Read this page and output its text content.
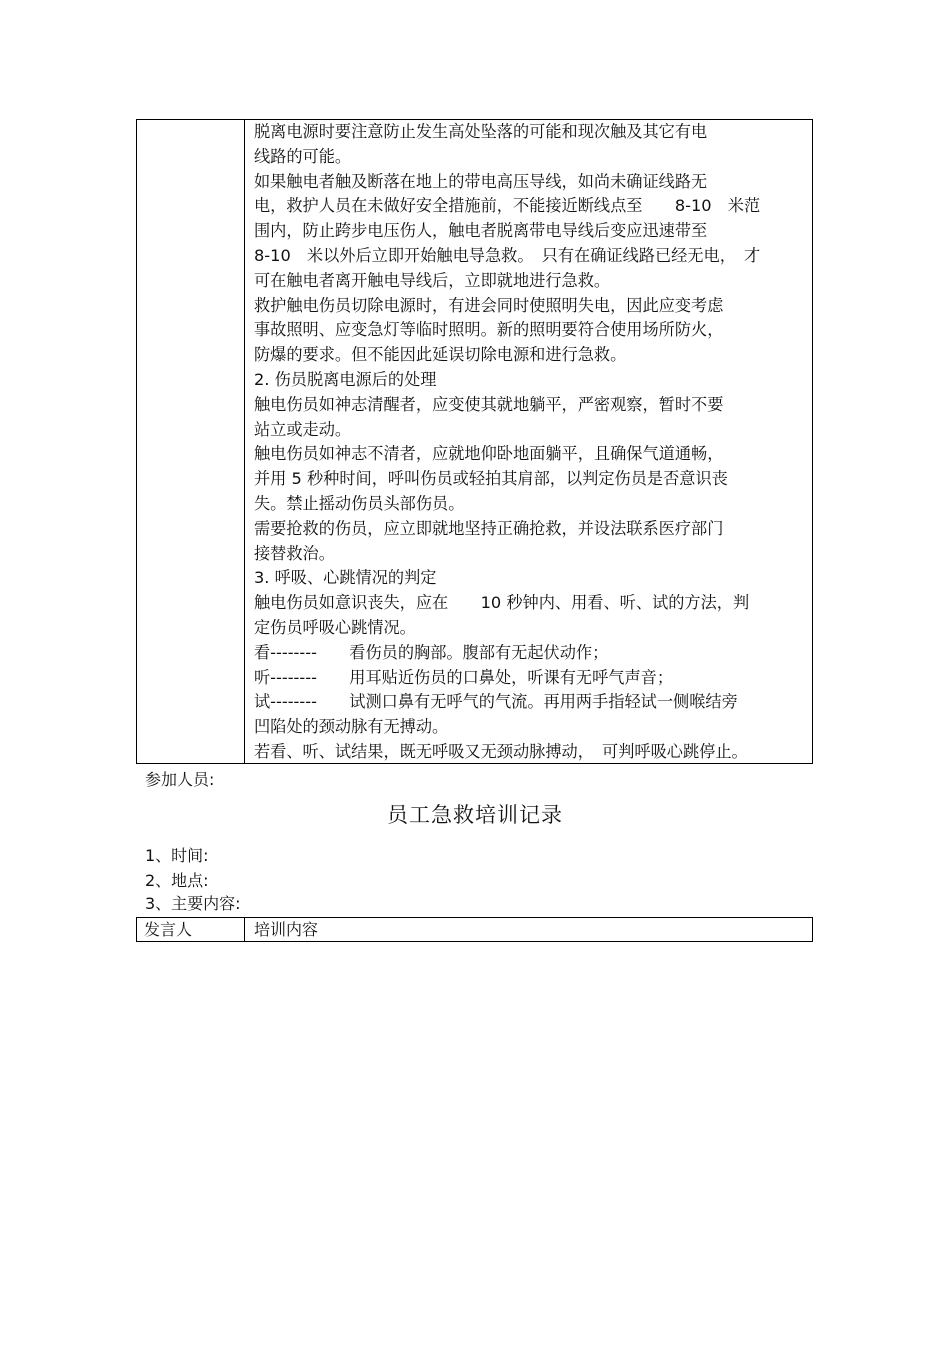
脱离电源时要注意防止发生高处坠落的可能和现次触及其它有电
线路的可能。
如果触电者触及断落在地上的带电高压导线，如尚未确证线路无
电，救护人员在未做好安全措施前，不能接近断线点至　　8-10　米范
围内，防止跨步电压伤人，触电者脱离带电导线后变应迅速带至
8-10　米以外后立即开始触电导急救。　只有在确证线路已经无电，　才
可在触电者离开触电导线后，立即就地进行急救。
救护触电伤员切除电源时，有进会同时使照明失电，因此应变考虑
事故照明、应变急灯等临时照明。新的照明要符合使用场所防火，
防爆的要求。但不能因此延误切除电源和进行急救。
2. 伤员脱离电源后的处理
触电伤员如神志清醒者，应变使其就地躺平，严密观察，暂时不要
站立或走动。
触电伤员如神志不清者，应就地仰卧地面躺平，且确保气道通畅，
并用 5 秒种时间，呼叫伤员或轻拍其肩部，以判定伤员是否意识丧
失。禁止摇动伤员头部伤员。
需要抢救的伤员，应立即就地坚持正确抢救，并设法联系医疗部门
接替救治。
3. 呼吸、心跳情况的判定
触电伤员如意识丧失，应在　　10 秒钟内、用看、听、试的方法，判
定伤员呼吸心跳情况。
看--------　　看伤员的胸部。腹部有无起伏动作；
听--------　　用耳贴近伤员的口鼻处，听课有无呼气声音；
试--------　　试测口鼻有无呼气的气流。再用两手指轻试一侧喉结旁
凹陷处的颈动脉有无搏动。
若看、听、试结果，既无呼吸又无颈动脉搏动，　可判呼吸心跳停止。
参加人员:
员工急救培训记录
1、时间:
2、地点:
3、主要内容:
发言人	培训内容
